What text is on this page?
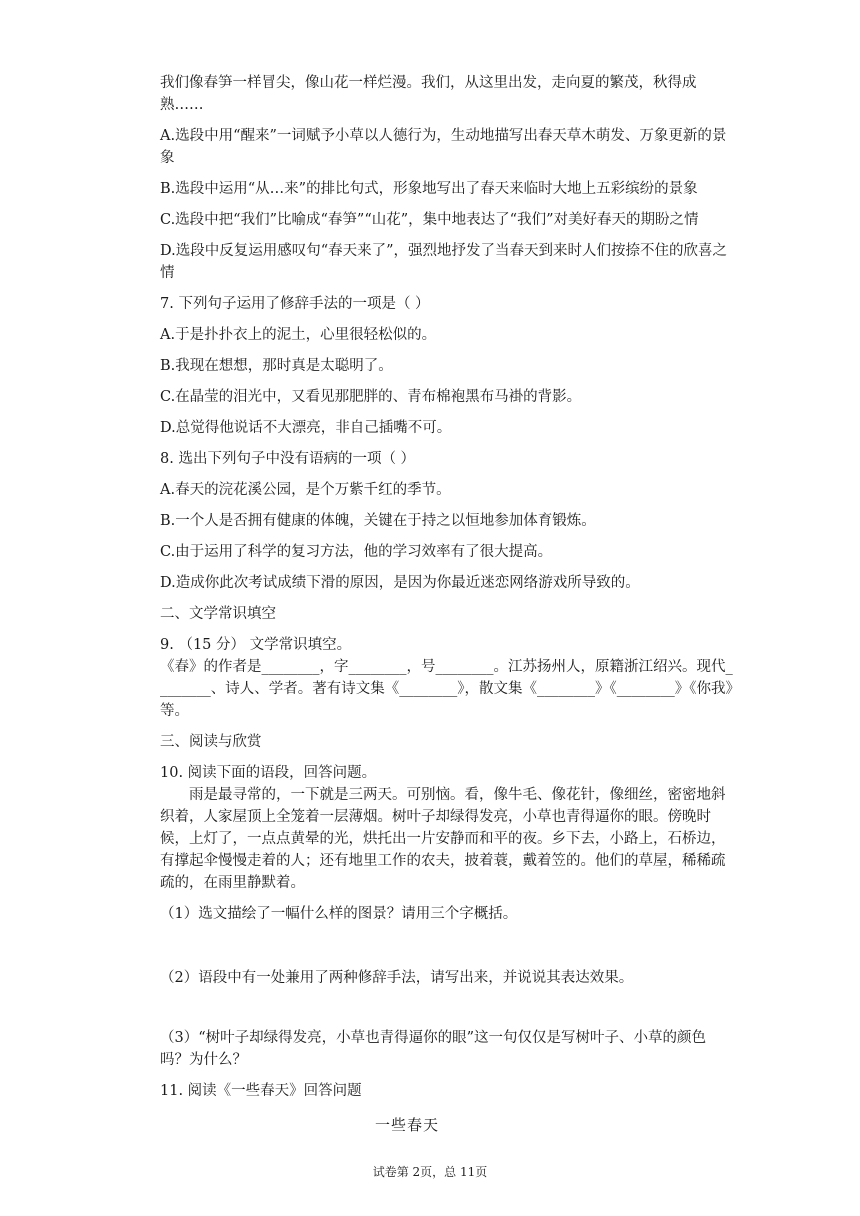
我们像春笋一样冒尖，像山花一样烂漫。我们，从这里出发，走向夏的繁茂，秋得成熟……

A.选段中用“醒来”一词赋予小草以人德行为，生动地描写出春天草木萌发、万象更新的景象

B.选段中运用“从…来”的排比句式，形象地写出了春天来临时大地上五彩缤纷的景象

C.选段中把“我们”比喻成“春笋”“山花”，集中地表达了“我们”对美好春天的期盼之情

D.选段中反复运用感叹句“春天来了”，强烈地抒发了当春天到来时人们按捺不住的欣喜之情

7. 下列句子运用了修辞手法的一项是（ ）

A.于是扑扑衣上的泥土，心里很轻松似的。

B.我现在想想，那时真是太聪明了。

C.在晶莹的泪光中，又看见那肥胖的、青布棉袍黑布马褂的背影。

D.总觉得他说话不大漂亮，非自己插嘴不可。

8. 选出下列句子中没有语病的一项（ ）

A.春天的浣花溪公园，是个万紫千红的季节。

B.一个人是否拥有健康的体魄，关键在于持之以恒地参加体育锻炼。

C.由于运用了科学的复习方法，他的学习效率有了很大提高。

D.造成你此次考试成绩下滑的原因，是因为你最近迷恋网络游戏所导致的。

二、文学常识填空

9. （15 分） 文学常识填空。

《春》的作者是________，字________，号________。江苏扬州人，原籍浙江绍兴。现代________、诗人、学者。著有诗文集《________》，散文集《________》《________》《你我》等。

三、阅读与欣赏

10. 阅读下面的语段，回答问题。

雨是最寻常的，一下就是三两天。可别恼。看，像牛毛、像花针，像细丝，密密地斜织着，人家屋顶上全笼着一层薄烟。树叶子却绿得发亮，小草也青得逼你的眼。傍晚时候，上灯了，一点点黄晕的光，烘托出一片安静而和平的夜。乡下去，小路上，石桥边，有撑起伞慢慢走着的人；还有地里工作的农夫，披着蓑，戴着笠的。他们的草屋，稀稀疏疏的，在雨里静默着。

（1）选文描绘了一幅什么样的图景？请用三个字概括。

（2）语段中有一处兼用了两种修辞手法，请写出来，并说说其表达效果。

（3）“树叶子却绿得发亮，小草也青得逼你的眼”这一句仅仅是写树叶子、小草的颜色吗？为什么？

11. 阅读《一些春天》回答问题

一些春天
试卷第 2页，总 11页
